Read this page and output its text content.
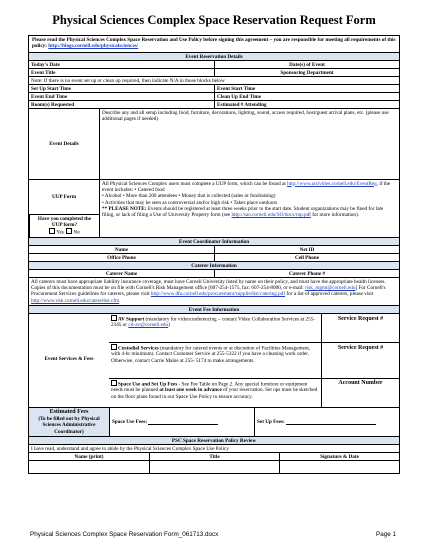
Physical Sciences Complex Space Reservation Request Form
Please read the Physical Sciences Complex Space Reservation and Use Policy before signing this agreement – you are responsible for meeting all requirements of this policy: http://blogs.cornell.edu/physicalsciences/
Event Reservation Details
Today's Date	Date(s) of Event
Event Title	Sponsoring Department
Note: If there is no event set up or clean up required, then indicate N/A in those blocks below
Set Up Start Time	Event Start Time
Event End Time	Clean Up End Time
Room(s) Requested	Estimated # Attending
Event Details
Describe any and all setup including food, furniture, decorations, lighting, sound, access required, host/guest arrival plans, etc. (please use additional pages if needed)
UUP Form
Have you completed the UUP form?
Yes No
All Physical Sciences Complex users must complete a UUP form, which can be found at http://www.activities.cornell.edu/EventReg, if the event includes: • Catered food
• Alcohol • More than 200 attendees • Money that is collected (sales or fundraising)
• Activities that may be seen as controversial and/or high risk • Takes place outdoors
** PLEASE NOTE: Events should be registered at least three weeks prior to the start date. Student organizations may be fined for late filing, or lack of filing a Use of University Property form (see http://sao.cornell.edu/SO/docs/rup.pdf for more information).
Event Coordinator Information
Name	Net ID
Office Phone	Cell Phone
Caterer Information
Caterer Name	Caterer Phone #
All caterers must have appropriate liability insurance coverage, must have Cornell University listed by name on their policy, and must have the appropriate health licenses. Copies of this documentation must be on file with Cornell's Risk Management office [607-254-1575, fax: 607-254-8000, or e-mail: risk_mgmt@cornell.edu] For Cornell's Procurement Services guidelines for caterers, please visit http://www.dfa.cornell.edu/procurement/supplierlist/catering.pdf for a list of approved caterers, please visit http://www.risk.cornell.edu/catererlist.cfm
Event Fee Information
Event Services & Fees
AV Support (mandatory for videoconferencing – contact Video Collaboration Services at 255-2345 or cit-av@cornell.edu)
Service Request #
Custodial Services (mandatory for catered events or at discretion of Facilities Management, with 4-hr minimum). Contact Customer Service at 255-5322 if you have a cleaning work order. Otherwise, contact Carrie Maine at 255- 5174 to make arrangements.
Service Request #
Space Use and Set Up Fees - See Fee Table on Page 2. Any special furniture or equipment needs must be planned at least one week in advance of your reservation. Set ups must be sketched on the floor plans found in our Space Use Policy to ensure accuracy.
Account Number
Estimated Fees
(To be filled out by Physical Sciences Administrative Coordinator)
Space Use Fees:
	Set Up Fees:

PSC Space Reservation Policy Review
I have read, understand and agree to abide by the Physical Sciences Complex Space Use Policy
Name (print)	Title	Signature & Date
Physical Sciences Complex Space Reservation Form_061713.docx	Page 1
